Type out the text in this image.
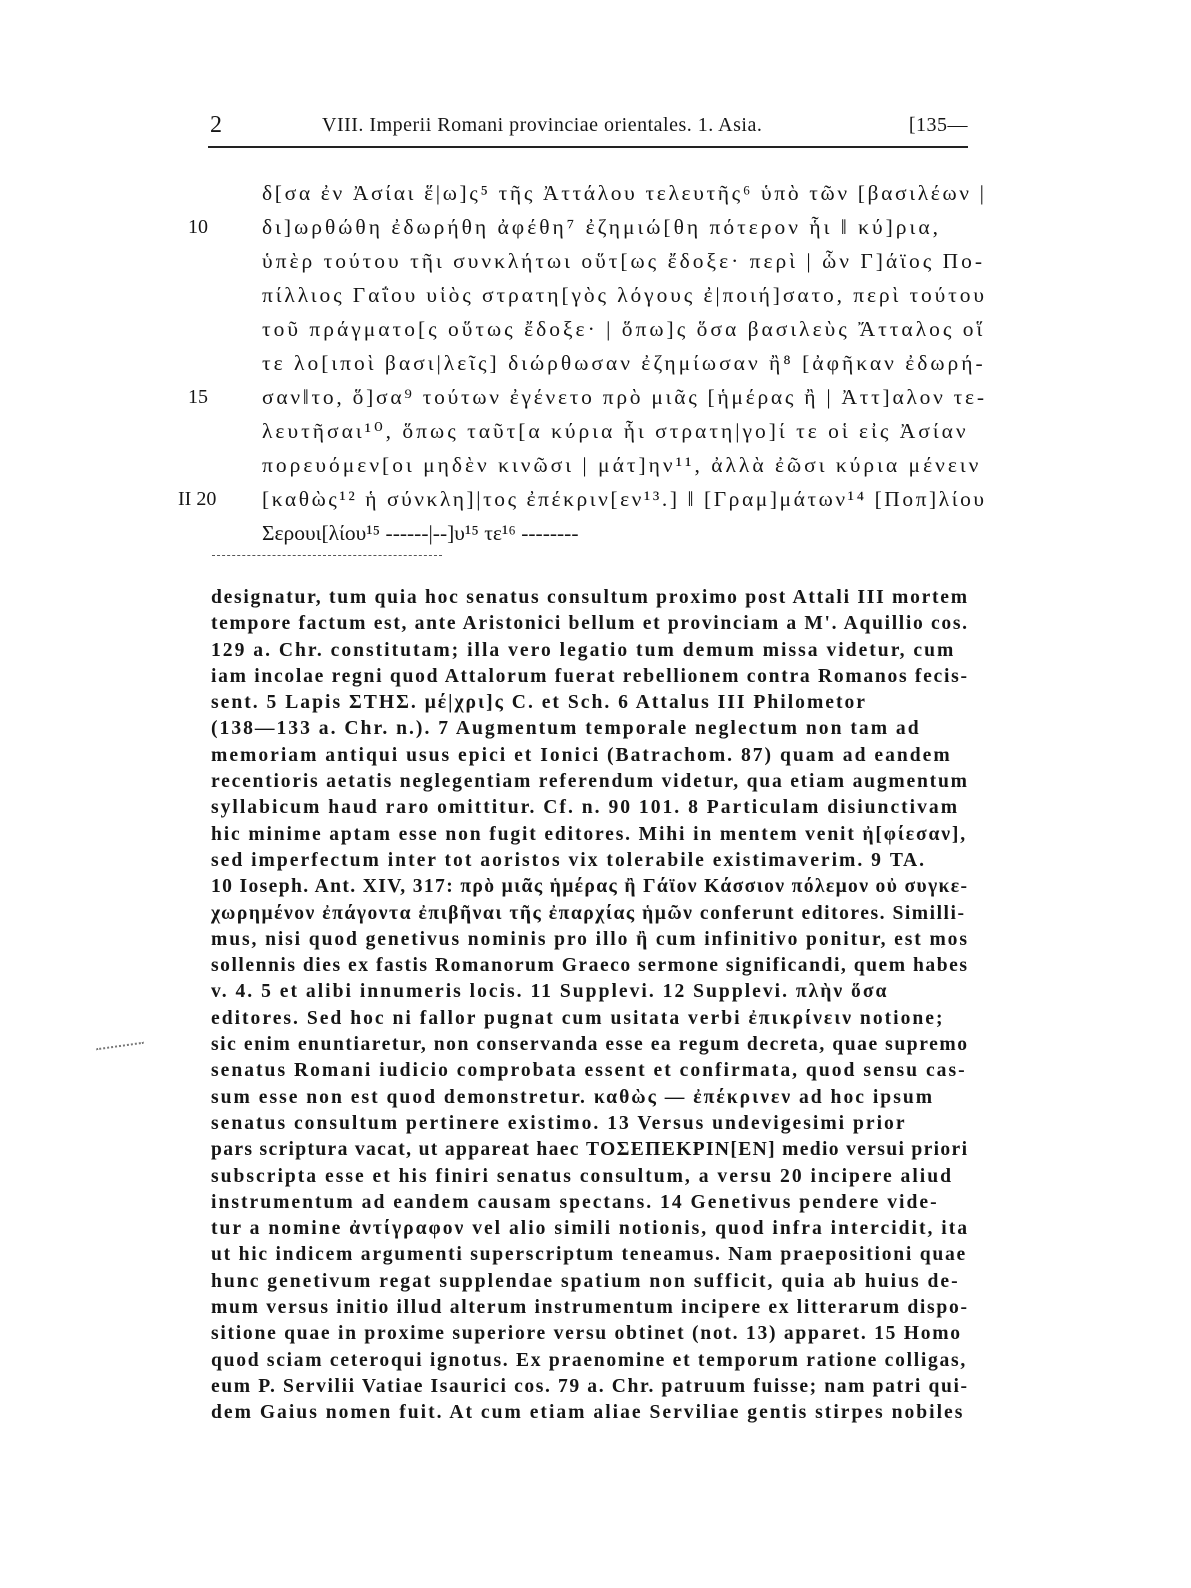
2	VIII. Imperii Romani provinciae orientales. 1. Asia.	[135—
δ[σα ἐν Ἀσίαι ἕ|ω]ς⁵ τῆς Ἀττάλου τελευτῆς⁶ ὑπὸ τῶν [βασιλέων |
10	δι]ωρθώθη ἐδωρήθη ἀφέθη⁷ ἐζημιώ[θη πότερον ἧι ‖ κύ]ρια,
ὑπὲρ τούτου τῆι συνκλήτωι οὕτ[ως ἔδοξε· περὶ | ὧν Γ]άϊος Πο-
πίλλιος Γαΐου υἱὸς στρατη[γὸς λόγους ἐ|ποιή]σατο, περὶ τούτου
τοῦ πράγματο[ς οὕτως ἔδοξε· | ὅπω]ς ὅσα βασιλεὺς Ἄτταλος οἵ
τε λο[ιποὶ βασι|λεῖς] διώρθωσαν ἐζημίωσαν ἢ⁸ [ἀφῆκαν ἐδωρή-
15	σαν‖το, ὅ]σα⁹ τούτων ἐγένετο πρὸ μιᾶς [ἡμέρας ἢ | Ἀττ]αλον τε-
λευτῆσαι¹⁰, ὅπως ταῦτ[α κύρια ἧι στρατη|γο]ί τε οἱ εἰς Ἀσίαν
πορευόμεν[οι μηδὲν κινῶσι | μάτ]ην¹¹, ἀλλὰ ἐῶσι κύρια μένειν
II 20 [καθὼς¹² ἡ σύνκλη]|τος ἐπέκριν[εν¹³.] ‖ [Γραμ]μάτων¹⁴ [Ποπ]λίου
Σερουι[λίου¹⁵ ------|--]υ¹⁵ τε¹⁶ --------
designatur, tum quia hoc senatus consultum proximo post Attali III mortem
tempore factum est, ante Aristonici bellum et provinciam a M'. Aquillio cos.
129 a. Chr. constitutam; illa vero legatio tum demum missa videtur, cum
iam incolae regni quod Attalorum fuerat rebellionem contra Romanos fecis-
sent. 5 Lapis ΣΤΗΣ. μέ|χρι]ς C. et Sch. 6 Attalus III Philometor
(138—133 a. Chr. n.). 7 Augmentum temporale neglectum non tam ad
memoriam antiqui usus epici et Ionici (Batrachom. 87) quam ad eandem
recentioris aetatis neglegentiam referendum videtur, qua etiam augmentum
syllabicum haud raro omittitur. Cf. n. 90 101. 8 Particulam disiunctivam
hic minime aptam esse non fugit editores. Mihi in mentem venit ἠ[φίεσαν],
sed imperfectum inter tot aoristos vix tolerabile existimaverim. 9 ΤΑ.
10 Ioseph. Ant. XIV, 317: πρὸ μιᾶς ἡμέρας ἢ Γάϊον Κάσσιον πόλεμον οὐ συγκε-
χωρημένον ἐπάγοντα ἐπιβῆναι τῆς ἐπαρχίας ἡμῶν conferunt editores. Similli-
mus, nisi quod genetivus nominis pro illo ἢ cum infinitivo ponitur, est mos
sollennis dies ex fastis Romanorum Graeco sermone significandi, quem habes
v. 4. 5 et alibi innumeris locis. 11 Supplevi. 12 Supplevi. πλὴν ὅσα
editores. Sed hoc ni fallor pugnat cum usitata verbi ἐπικρίνειν notione;
sic enim enuntiaretur, non conservanda esse ea regum decreta, quae supremo
senatus Romani iudicio comprobata essent et confirmata, quod sensu cas-
sum esse non est quod demonstretur. καθὼς — ἐπέκρινεν ad hoc ipsum
senatus consultum pertinere existimo. 13 Versus undevigesimi prior
pars scriptura vacat, ut appareat haec ΤΟΣΕΠΕΚΡΙΝ[ΕΝ] medio versui priori
subscripta esse et his finiri senatus consultum, a versu 20 incipere aliud
instrumentum ad eandem causam spectans. 14 Genetivus pendere vide-
tur a nomine ἀντίγραφον vel alio simili notionis, quod infra intercidit, ita
ut hic indicem argumenti superscriptum teneamus. Nam praepositioni quae
hunc genetivum regat supplendae spatium non sufficit, quia ab huius de-
mum versus initio illud alterum instrumentum incipere ex litterarum dispo-
sitione quae in proxime superiore versu obtinet (not. 13) apparet. 15 Homo
quod sciam ceteroqui ignotus. Ex praenomine et temporum ratione colligas,
eum P. Servilii Vatiae Isaurici cos. 79 a. Chr. patruum fuisse; nam patri qui-
dem Gaius nomen fuit. At cum etiam aliae Serviliae gentis stirpes nobiles
